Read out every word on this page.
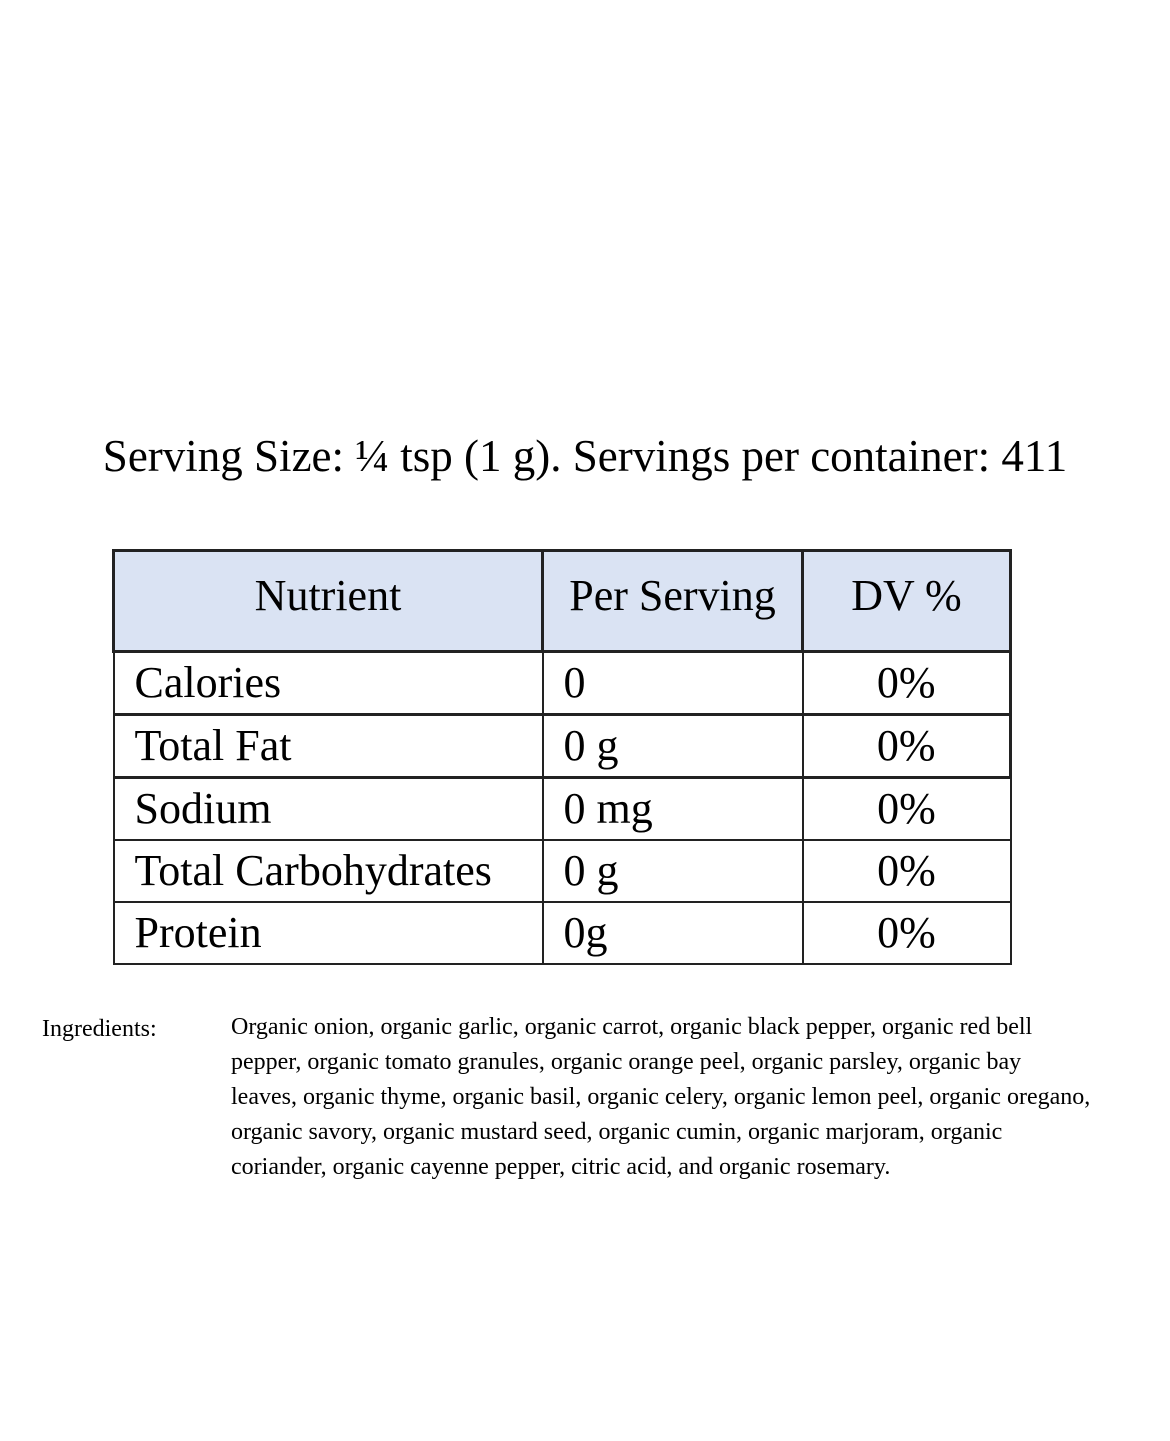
Serving Size: ¼ tsp (1 g). Servings per container: 411
Nutrient	Per Serving	DV %
Calories	0	0%
Total Fat	0 g	0%
Sodium	0 mg	0%
Total Carbohydrates	0 g	0%
Protein	0g	0%
Ingredients:	Organic onion, organic garlic, organic carrot, organic black pepper, organic red bell pepper, organic tomato granules, organic orange peel, organic parsley, organic bay leaves, organic thyme, organic basil, organic celery, organic lemon peel, organic oregano, organic savory, organic mustard seed, organic cumin, organic marjoram, organic coriander, organic cayenne pepper, citric acid, and organic rosemary.
